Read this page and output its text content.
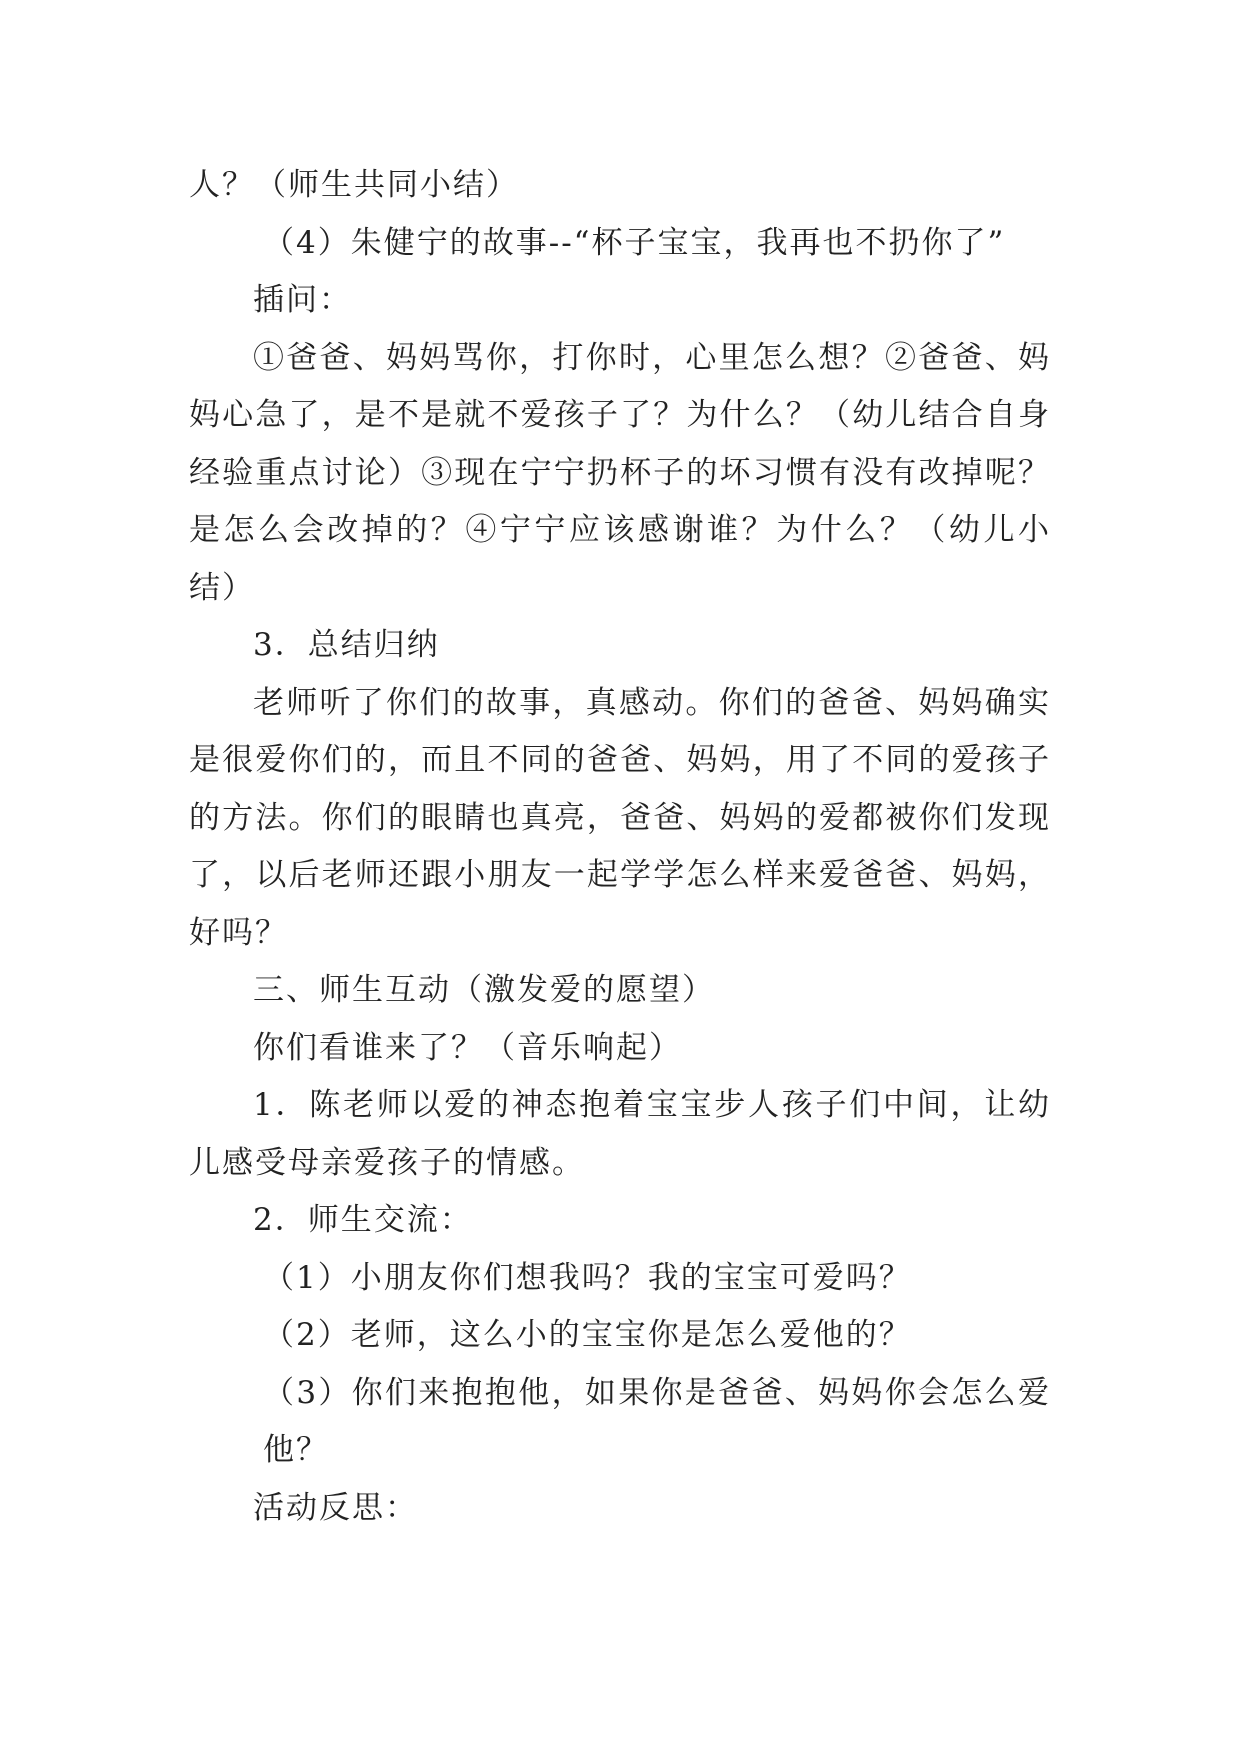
人？（师生共同小结）

（4）朱健宁的故事--“杯子宝宝，我再也不扔你了”

插问：

①爸爸、妈妈骂你，打你时，心里怎么想？②爸爸、妈妈心急了，是不是就不爱孩子了？为什么？（幼儿结合自身经验重点讨论）③现在宁宁扔杯子的坏习惯有没有改掉呢？是怎么会改掉的？④宁宁应该感谢谁？为什么？（幼儿小结）

3．总结归纳

老师听了你们的故事，真感动。你们的爸爸、妈妈确实是很爱你们的，而且不同的爸爸、妈妈，用了不同的爱孩子的方法。你们的眼睛也真亮，爸爸、妈妈的爱都被你们发现了，以后老师还跟小朋友一起学学怎么样来爱爸爸、妈妈，好吗？

三、师生互动（激发爱的愿望）

你们看谁来了？（音乐响起）

1．陈老师以爱的神态抱着宝宝步人孩子们中间，让幼儿感受母亲爱孩子的情感。

2．师生交流：

（1）小朋友你们想我吗？我的宝宝可爱吗？

（2）老师，这么小的宝宝你是怎么爱他的？

（3）你们来抱抱他，如果你是爸爸、妈妈你会怎么爱他？

活动反思：
